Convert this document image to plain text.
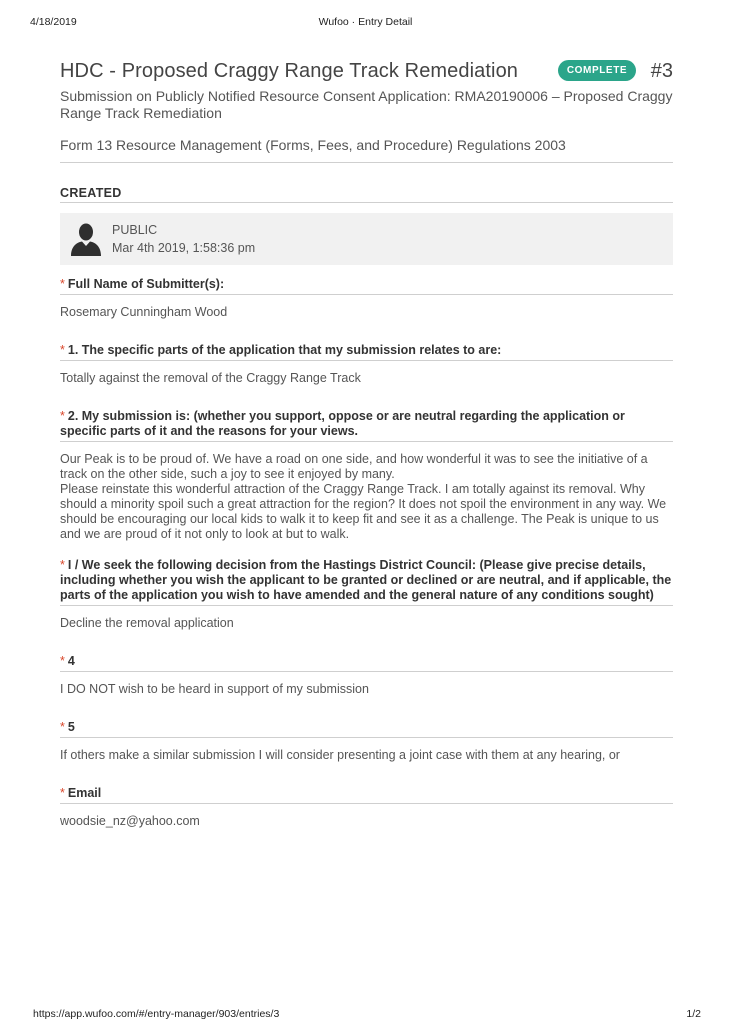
4/18/2019	Wufoo · Entry Detail
HDC - Proposed Craggy Range Track Remediation	COMPLETE	#3
Submission on Publicly Notified Resource Consent Application: RMA20190006 – Proposed Craggy Range Track Remediation
Form 13 Resource Management (Forms, Fees, and Procedure) Regulations 2003
CREATED
PUBLIC
Mar 4th 2019, 1:58:36 pm
* Full Name of Submitter(s):
Rosemary Cunningham Wood
* 1. The specific parts of the application that my submission relates to are:
Totally against the removal of the Craggy Range Track
* 2. My submission is: (whether you support, oppose or are neutral regarding the application or specific parts of it and the reasons for your views.
Our Peak is to be proud of. We have a road on one side, and how wonderful it was to see the initiative of a track on the other side, such a joy to see it enjoyed by many.
Please reinstate this wonderful attraction of the Craggy Range Track. I am totally against its removal. Why should a minority spoil such a great attraction for the region? It does not spoil the environment in any way. We should be encouraging our local kids to walk it to keep fit and see it as a challenge. The Peak is unique to us and we are proud of it not only to look at but to walk.
* I / We seek the following decision from the Hastings District Council: (Please give precise details, including whether you wish the applicant to be granted or declined or are neutral, and if applicable, the parts of the application you wish to have amended and the general nature of any conditions sought)
Decline the removal application
* 4
I DO NOT wish to be heard in support of my submission
* 5
If others make a similar submission I will consider presenting a joint case with them at any hearing, or
* Email
woodsie_nz@yahoo.com
https://app.wufoo.com/#/entry-manager/903/entries/3	1/2
